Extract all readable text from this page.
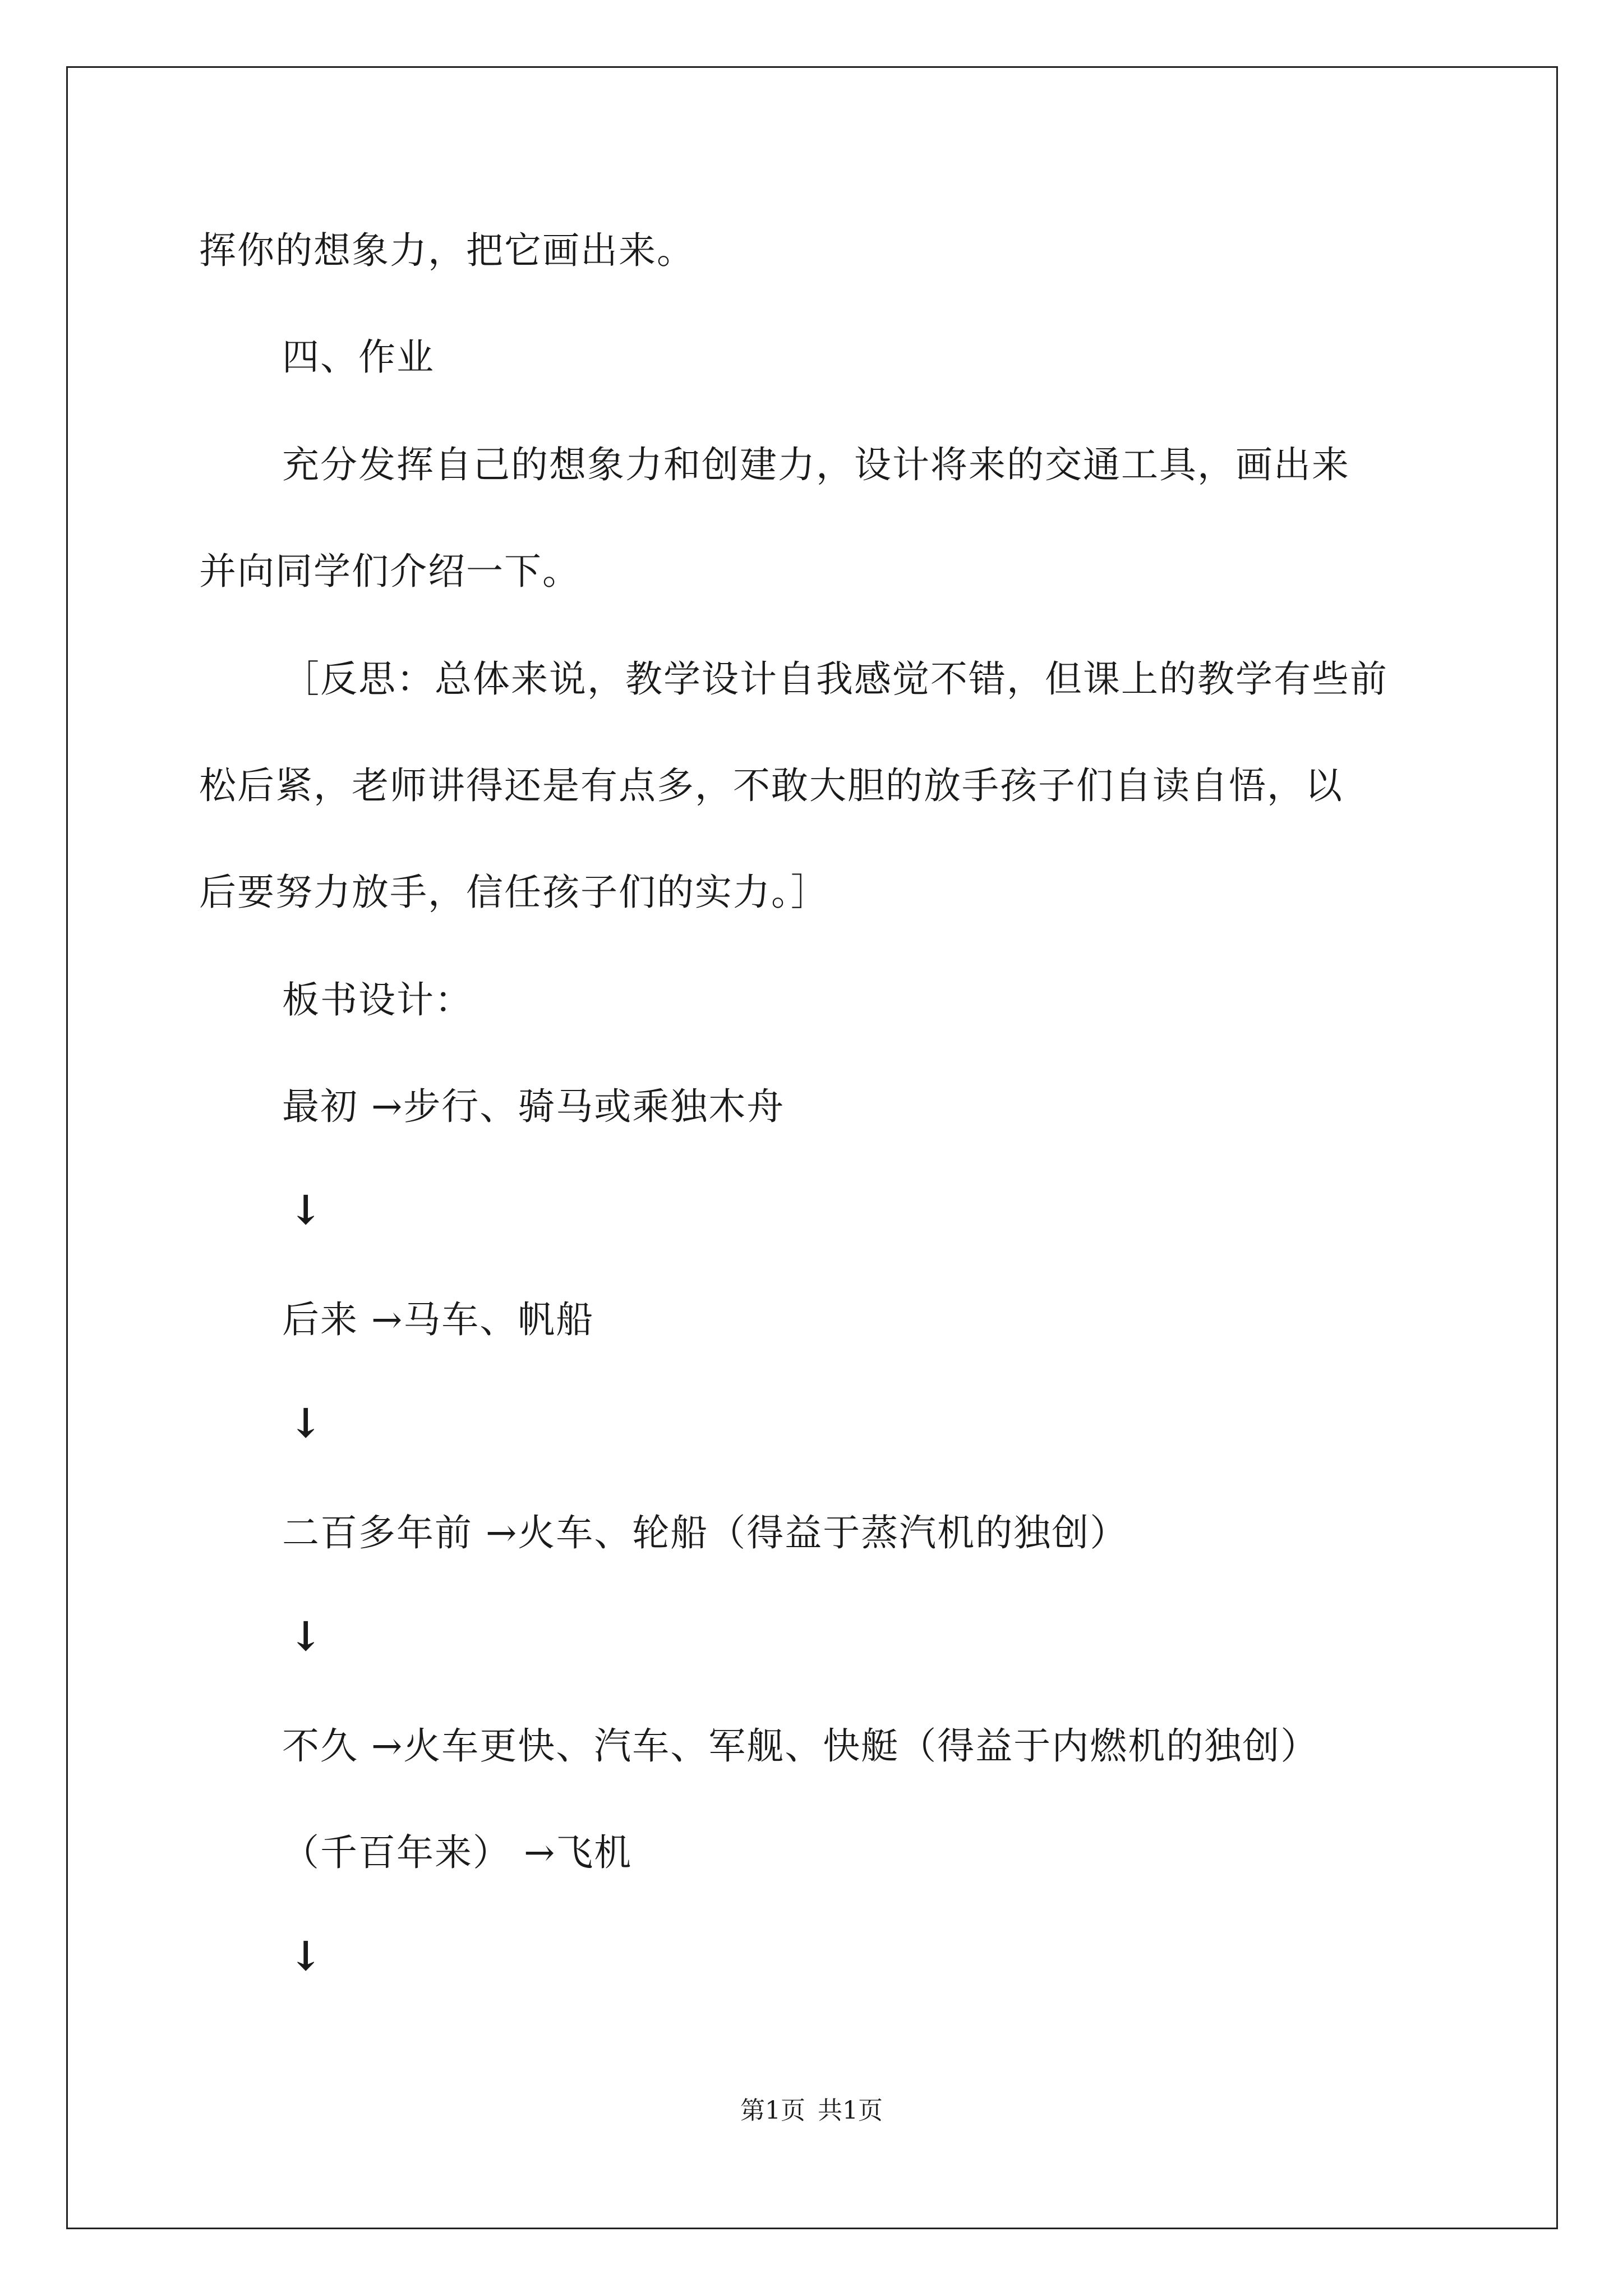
挥你的想象力，把它画出来。
四、作业
充分发挥自己的想象力和创建力，设计将来的交通工具，画出来
并向同学们介绍一下。
［反思：总体来说，教学设计自我感觉不错，但课上的教学有些前
松后紧，老师讲得还是有点多，不敢大胆的放手孩子们自读自悟，以
后要努力放手，信任孩子们的实力。］
板书设计：
最初 →步行、骑马或乘独木舟
↓
后来 →马车、帆船
↓
二百多年前 →火车、轮船（得益于蒸汽机的独创）
↓
不久 →火车更快、汽车、军舰、快艇（得益于内燃机的独创）
（千百年来） →飞机
↓
第1页 共1页
